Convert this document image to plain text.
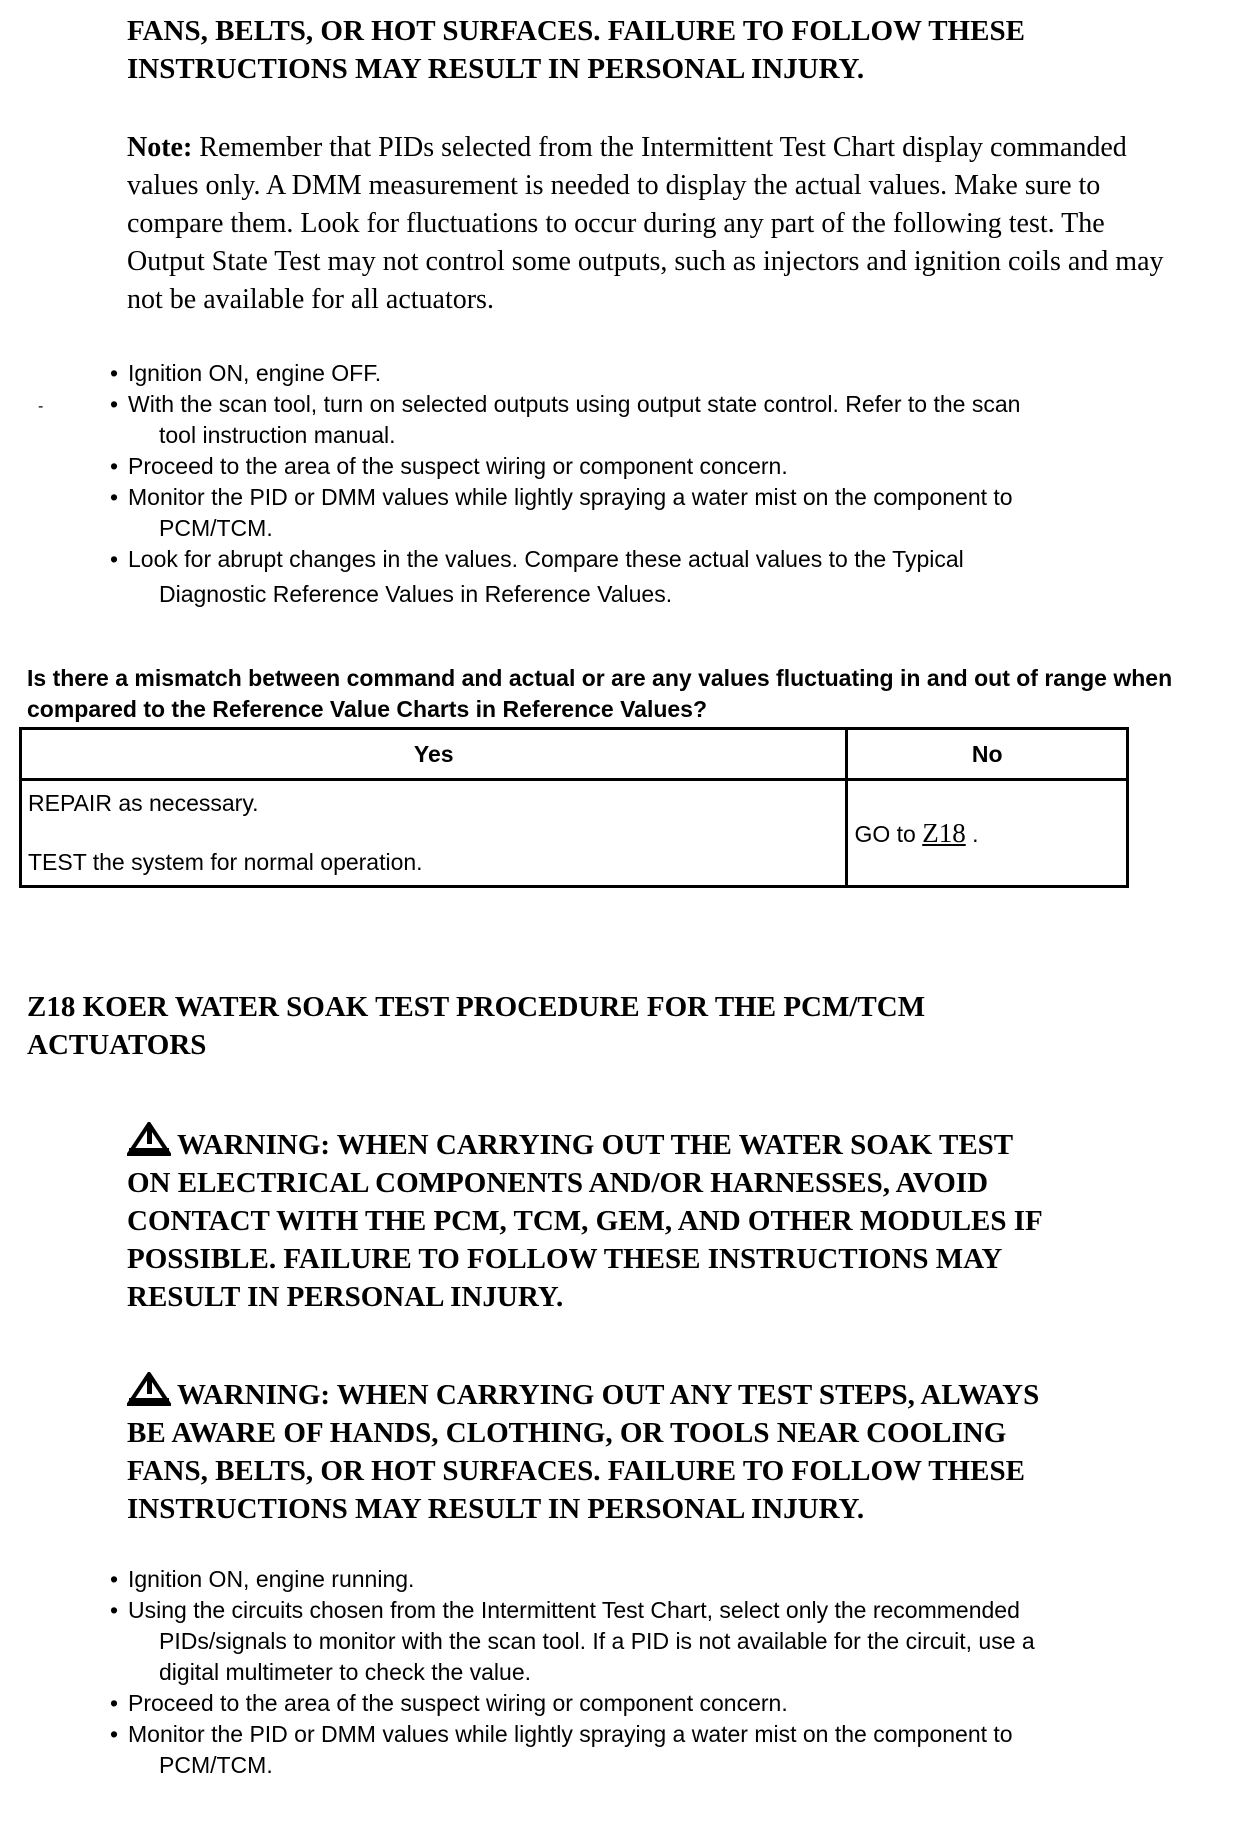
FANS, BELTS, OR HOT SURFACES. FAILURE TO FOLLOW THESE
INSTRUCTIONS MAY RESULT IN PERSONAL INJURY.
Note: Remember that PIDs selected from the Intermittent Test Chart display commanded values only. A DMM measurement is needed to display the actual values. Make sure to compare them. Look for fluctuations to occur during any part of the following test. The Output State Test may not control some outputs, such as injectors and ignition coils and may not be available for all actuators.
-
• Ignition ON, engine OFF.
• With the scan tool, turn on selected outputs using output state control. Refer to the scan
tool instruction manual.
• Proceed to the area of the suspect wiring or component concern.
• Monitor the PID or DMM values while lightly spraying a water mist on the component to
PCM/TCM.
• Look for abrupt changes in the values. Compare these actual values to the Typical
Diagnostic Reference Values in Reference Values.
Is there a mismatch between command and actual or are any values fluctuating in and out of range when compared to the Reference Value Charts in Reference Values?
Yes	No

REPAIR as necessary.
TEST the system for normal operation.	GO to Z18 .
Z18 KOER WATER SOAK TEST PROCEDURE FOR THE PCM/TCM
ACTUATORS
WARNING: WHEN CARRYING OUT THE WATER SOAK TEST
ON ELECTRICAL COMPONENTS AND/OR HARNESSES, AVOID
CONTACT WITH THE PCM, TCM, GEM, AND OTHER MODULES IF
POSSIBLE. FAILURE TO FOLLOW THESE INSTRUCTIONS MAY
RESULT IN PERSONAL INJURY.
WARNING: WHEN CARRYING OUT ANY TEST STEPS, ALWAYS
BE AWARE OF HANDS, CLOTHING, OR TOOLS NEAR COOLING
FANS, BELTS, OR HOT SURFACES. FAILURE TO FOLLOW THESE
INSTRUCTIONS MAY RESULT IN PERSONAL INJURY.
• Ignition ON, engine running.
• Using the circuits chosen from the Intermittent Test Chart, select only the recommended
PIDs/signals to monitor with the scan tool. If a PID is not available for the circuit, use a
digital multimeter to check the value.
• Proceed to the area of the suspect wiring or component concern.
• Monitor the PID or DMM values while lightly spraying a water mist on the component to
PCM/TCM.
